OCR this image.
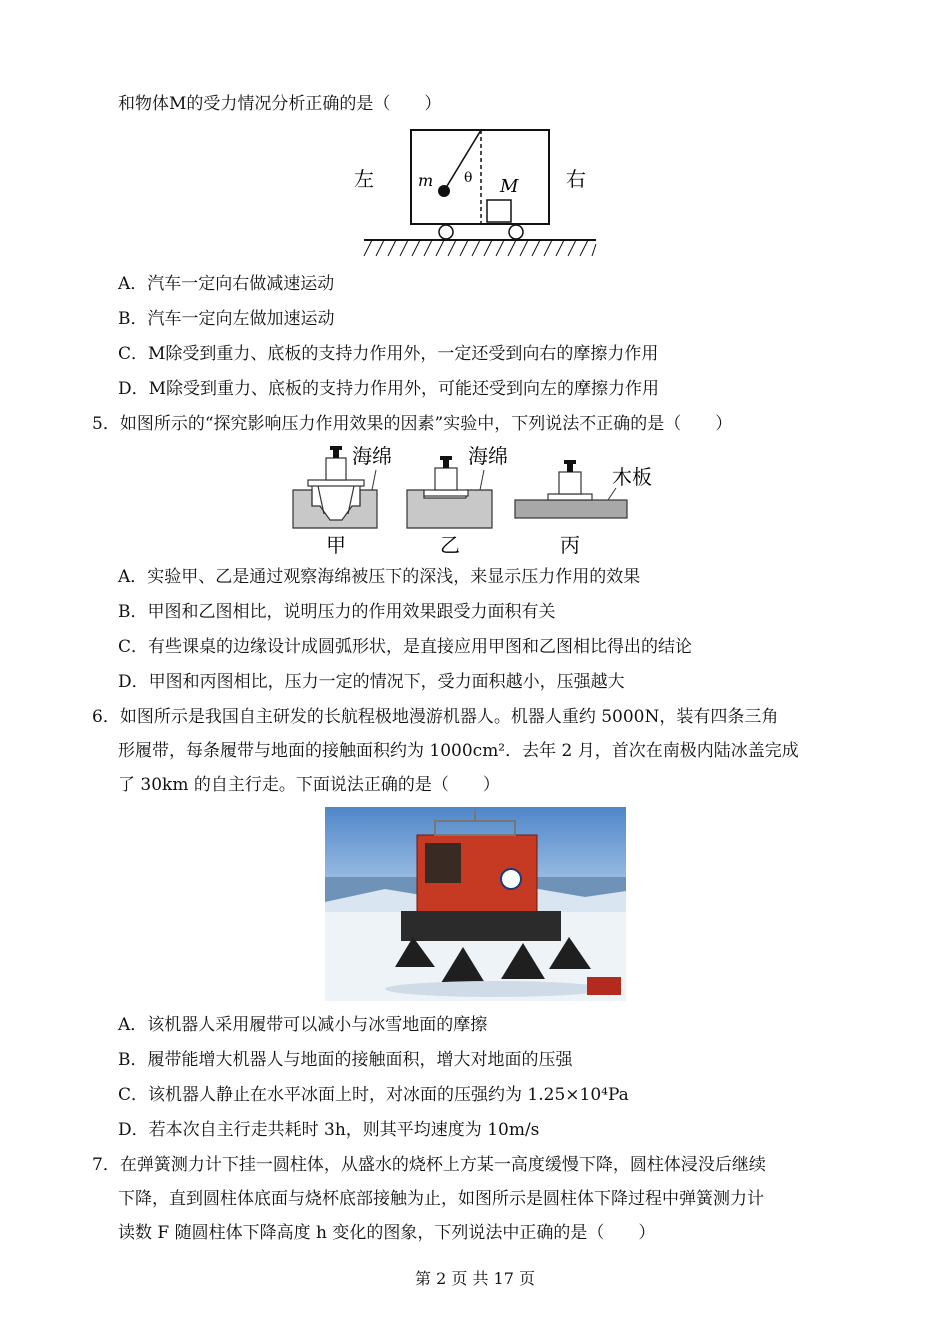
和物体M的受力情况分析正确的是（　　）
左	m θ M 右
A．汽车一定向右做减速运动
B．汽车一定向左做加速运动
C．M除受到重力、底板的支持力作用外，一定还受到向右的摩擦力作用
D．M除受到重力、底板的支持力作用外，可能还受到向左的摩擦力作用
5．如图所示的“探究影响压力作用效果的因素”实验中，下列说法不正确的是（　　）
海绵
甲
海绵
乙
木板
丙
A．实验甲、乙是通过观察海绵被压下的深浅，来显示压力作用的效果
B．甲图和乙图相比，说明压力的作用效果跟受力面积有关
C．有些课桌的边缘设计成圆弧形状，是直接应用甲图和乙图相比得出的结论
D．甲图和丙图相比，压力一定的情况下，受力面积越小，压强越大
6．如图所示是我国自主研发的长航程极地漫游机器人。机器人重约 5000N，装有四条三角
形履带，每条履带与地面的接触面积约为 1000cm²．去年 2 月，首次在南极内陆冰盖完成
了 30km 的自主行走。下面说法正确的是（　　）
A．该机器人采用履带可以减小与冰雪地面的摩擦
B．履带能增大机器人与地面的接触面积，增大对地面的压强
C．该机器人静止在水平冰面上时，对冰面的压强约为 1.25×10⁴Pa
D．若本次自主行走共耗时 3h，则其平均速度为 10m/s
7．在弹簧测力计下挂一圆柱体，从盛水的烧杯上方某一高度缓慢下降，圆柱体浸没后继续
下降，直到圆柱体底面与烧杯底部接触为止，如图所示是圆柱体下降过程中弹簧测力计
读数 F 随圆柱体下降高度 h 变化的图象，下列说法中正确的是（　　）
第 2 页 共 17 页
